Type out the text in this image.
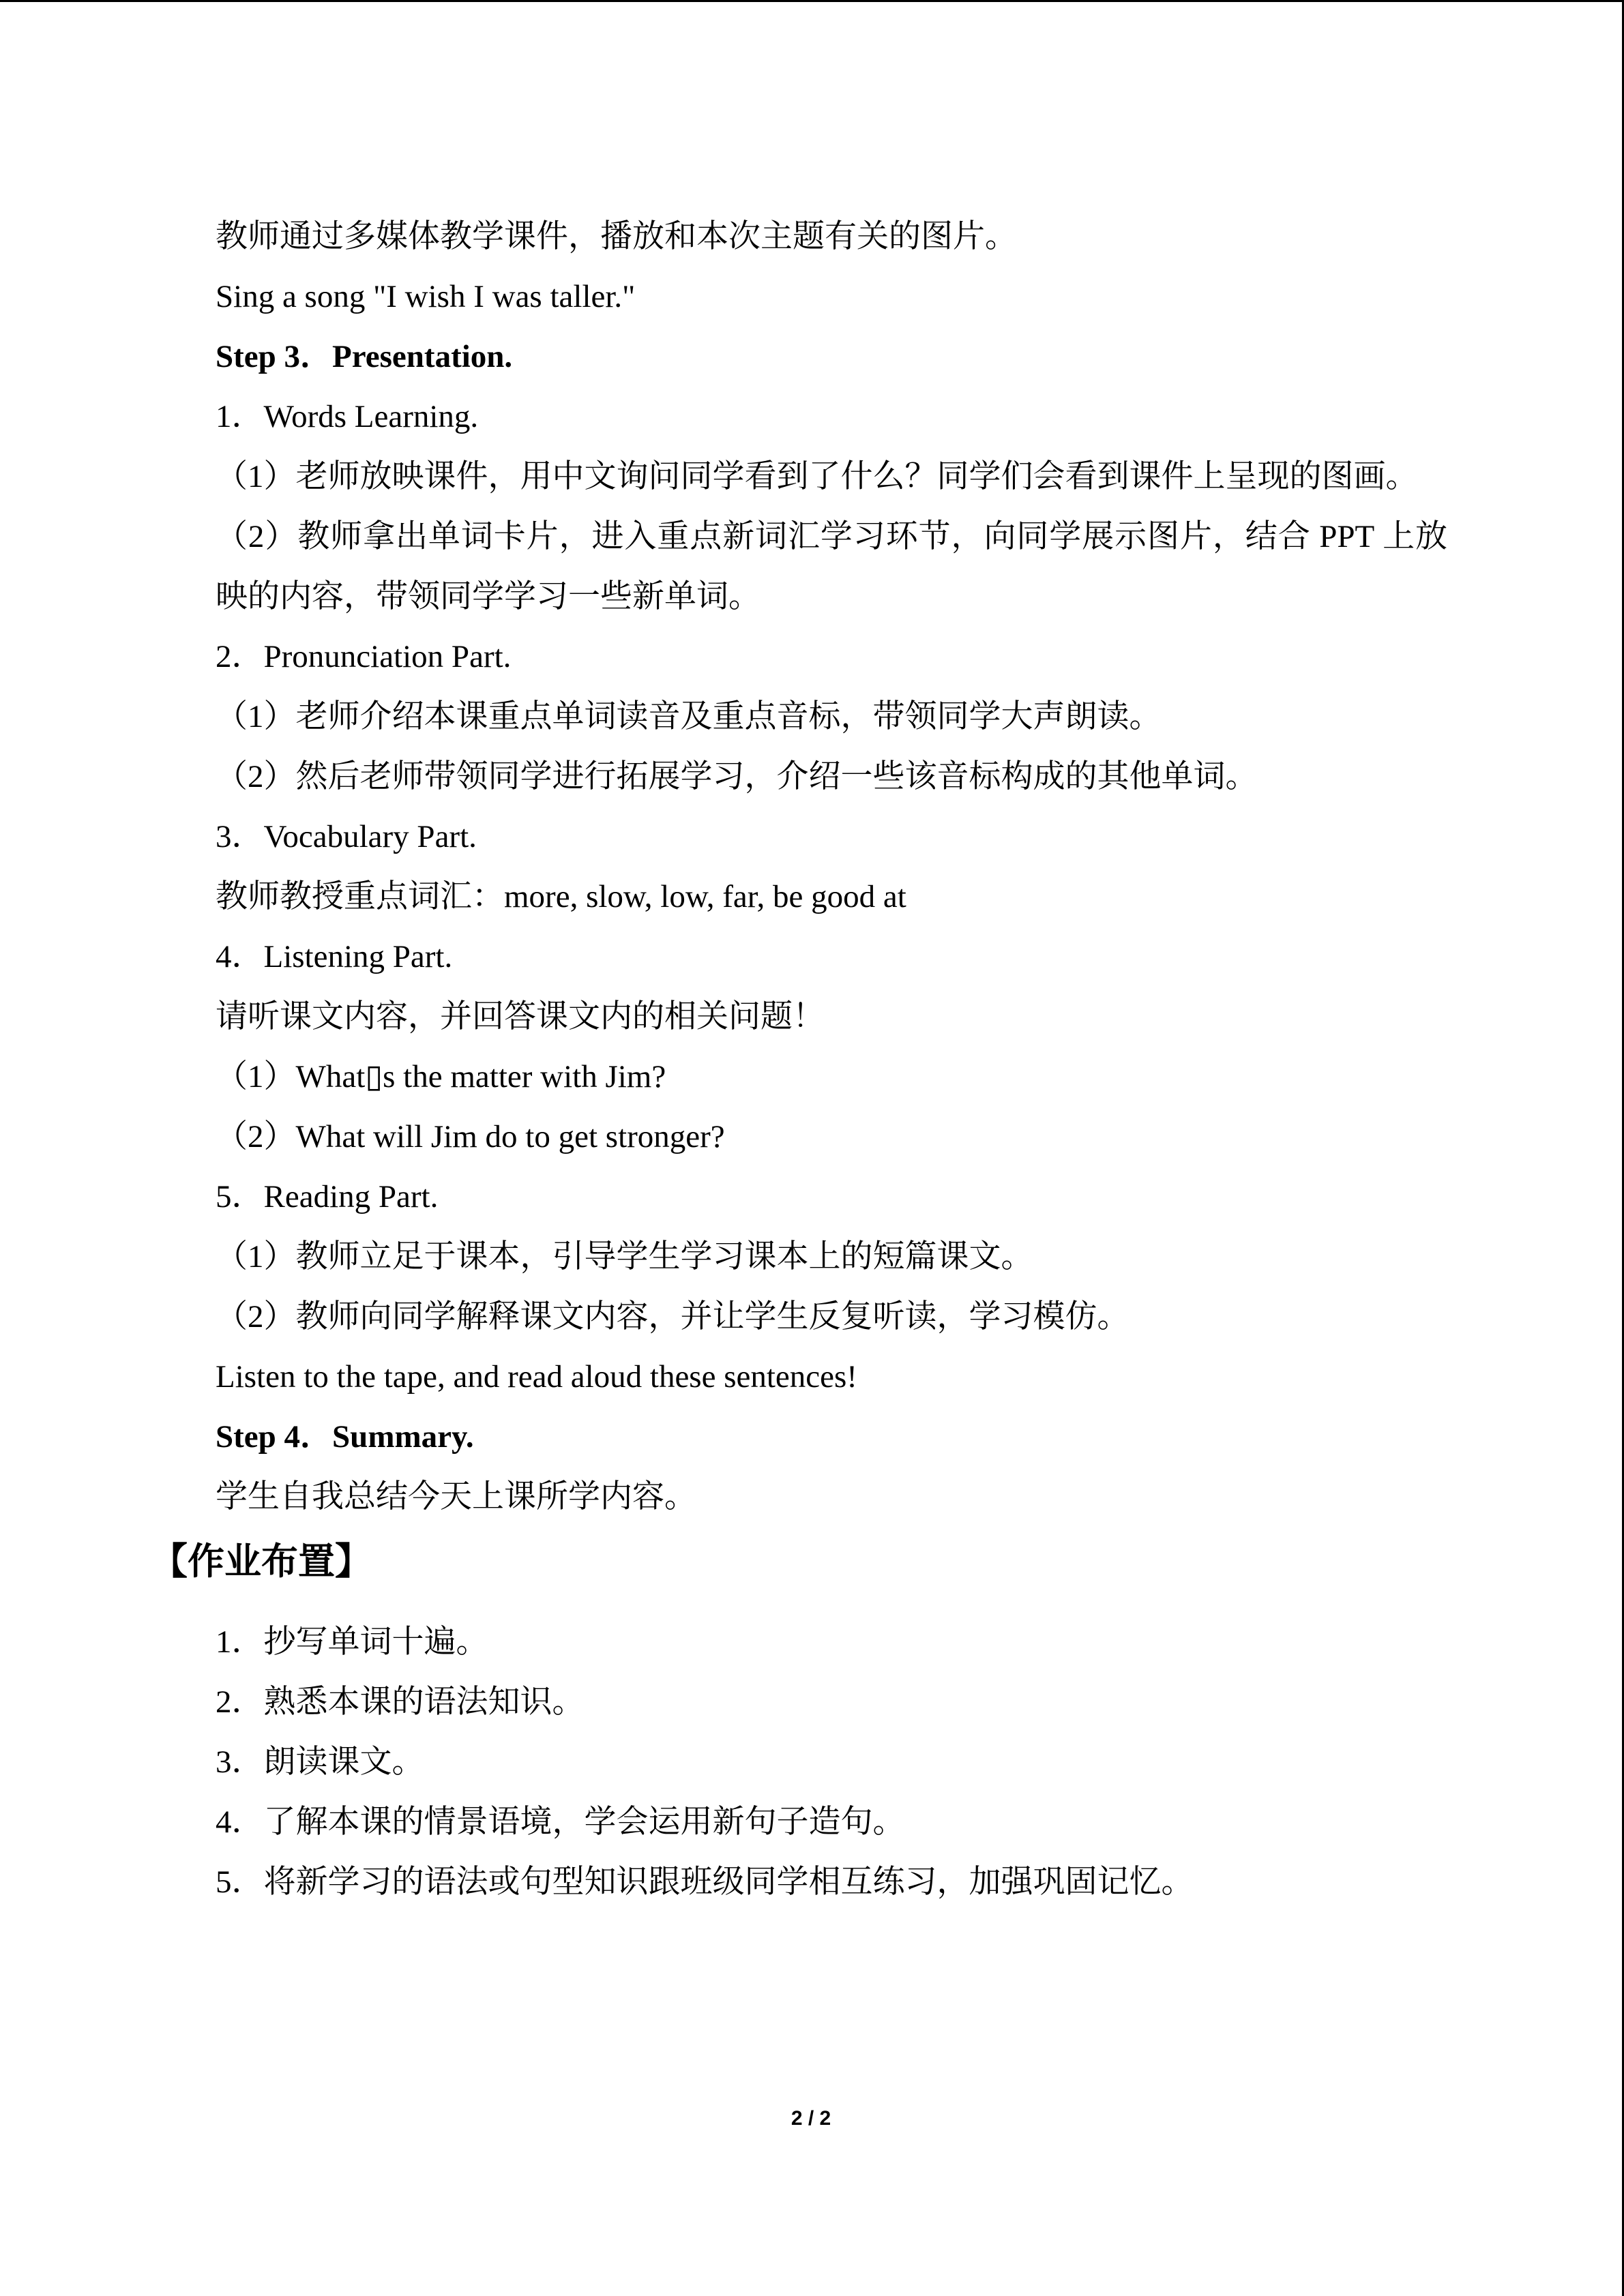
教师通过多媒体教学课件，播放和本次主题有关的图片。
Sing a song "I wish I was taller."
Step 3．Presentation.
1．Words Learning.
（1）老师放映课件，用中文询问同学看到了什么？同学们会看到课件上呈现的图画。
（2）教师拿出单词卡片，进入重点新词汇学习环节，向同学展示图片，结合 PPT 上放
映的内容，带领同学学习一些新单词。
2．Pronunciation Part.
（1）老师介绍本课重点单词读音及重点音标，带领同学大声朗读。
（2）然后老师带领同学进行拓展学习，介绍一些该音标构成的其他单词。
3．Vocabulary Part.
教师教授重点词汇：more, slow, low, far, be good at
4．Listening Part.
请听课文内容，并回答课文内的相关问题！
（1）What▯s the matter with Jim?
（2）What will Jim do to get stronger?
5．Reading Part.
（1）教师立足于课本，引导学生学习课本上的短篇课文。
（2）教师向同学解释课文内容，并让学生反复听读，学习模仿。
Listen to the tape, and read aloud these sentences!
Step 4．Summary.
学生自我总结今天上课所学内容。
【作业布置】
1．抄写单词十遍。
2．熟悉本课的语法知识。
3．朗读课文。
4．了解本课的情景语境，学会运用新句子造句。
5．将新学习的语法或句型知识跟班级同学相互练习，加强巩固记忆。
2 / 2
